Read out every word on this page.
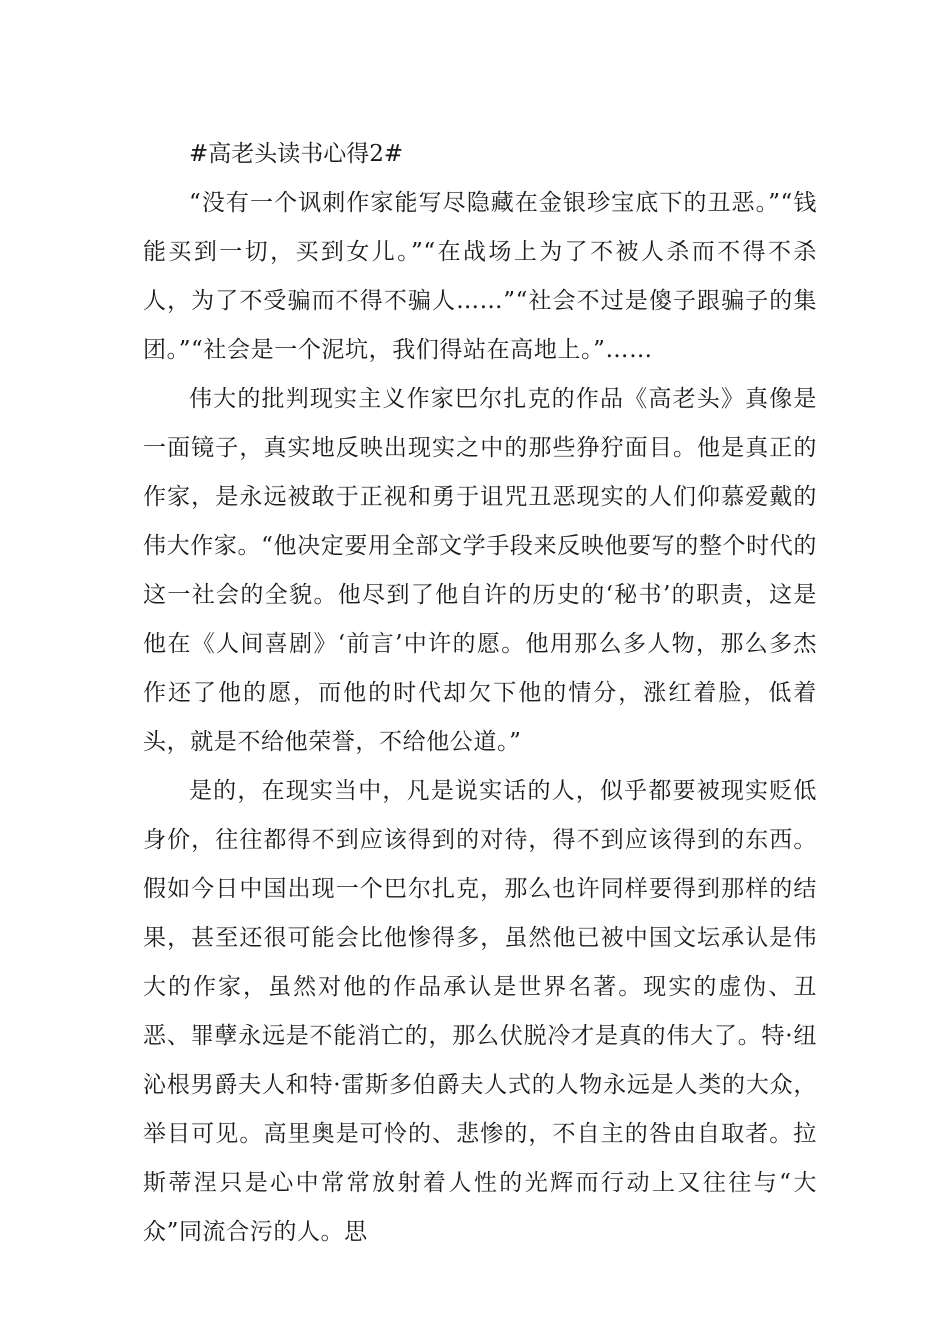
#高老头读书心得2#

“没有一个讽刺作家能写尽隐藏在金银珍宝底下的丑恶。”“钱能买到一切，买到女儿。”“在战场上为了不被人杀而不得不杀人，为了不受骗而不得不骗人……”“社会不过是傻子跟骗子的集团。”“社会是一个泥坑，我们得站在高地上。”……

伟大的批判现实主义作家巴尔扎克的作品《高老头》真像是一面镜子，真实地反映出现实之中的那些狰狞面目。他是真正的作家，是永远被敢于正视和勇于诅咒丑恶现实的人们仰慕爱戴的伟大作家。“他决定要用全部文学手段来反映他要写的整个时代的这一社会的全貌。他尽到了他自许的历史的‘秘书’的职责，这是他在《人间喜剧》‘前言’中许的愿。他用那么多人物，那么多杰作还了他的愿，而他的时代却欠下他的情分，涨红着脸，低着头，就是不给他荣誉，不给他公道。”

是的，在现实当中，凡是说实话的人，似乎都要被现实贬低身价，往往都得不到应该得到的对待，得不到应该得到的东西。假如今日中国出现一个巴尔扎克，那么也许同样要得到那样的结果，甚至还很可能会比他惨得多，虽然他已被中国文坛承认是伟大的作家，虽然对他的作品承认是世界名著。现实的虚伪、丑恶、罪孽永远是不能消亡的，那么伏脱冷才是真的伟大了。特·纽沁根男爵夫人和特·雷斯多伯爵夫人式的人物永远是人类的大众，举目可见。高里奥是可怜的、悲惨的，不自主的咎由自取者。拉斯蒂涅只是心中常常放射着人性的光辉而行动上又往往与“大众”同流合污的人。思
